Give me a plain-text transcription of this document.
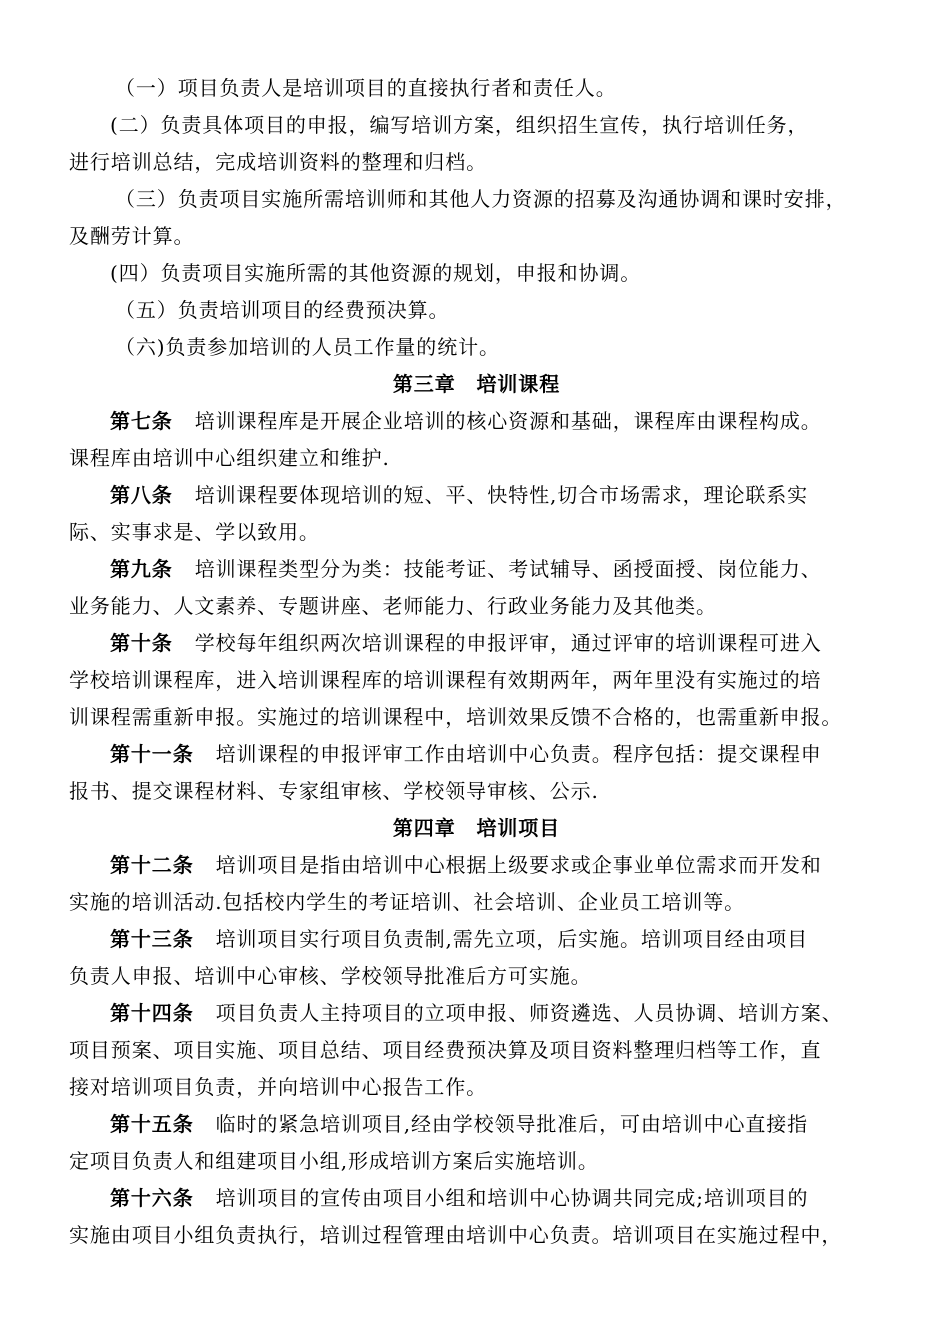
（一）项目负责人是培训项目的直接执行者和责任人。
(二）负责具体项目的申报，编写培训方案，组织招生宣传，执行培训任务，
进行培训总结，完成培训资料的整理和归档。
（三）负责项目实施所需培训师和其他人力资源的招募及沟通协调和课时安排，
及酬劳计算。
(四）负责项目实施所需的其他资源的规划，申报和协调。
（五）负责培训项目的经费预决算。
（六)负责参加培训的人员工作量的统计。
第三章　培训课程
第七条 培训课程库是开展企业培训的核心资源和基础，课程库由课程构成。
课程库由培训中心组织建立和维护.
第八条 培训课程要体现培训的短、平、快特性,切合市场需求，理论联系实
际、实事求是、学以致用。
第九条 培训课程类型分为类：技能考证、考试辅导、函授面授、岗位能力、
业务能力、人文素养、专题讲座、老师能力、行政业务能力及其他类。
第十条 学校每年组织两次培训课程的申报评审，通过评审的培训课程可进入
学校培训课程库，进入培训课程库的培训课程有效期两年，两年里没有实施过的培
训课程需重新申报。实施过的培训课程中，培训效果反馈不合格的，也需重新申报。
第十一条 培训课程的申报评审工作由培训中心负责。程序包括：提交课程申
报书、提交课程材料、专家组审核、学校领导审核、公示.
第四章　培训项目
第十二条 培训项目是指由培训中心根据上级要求或企事业单位需求而开发和
实施的培训活动.包括校内学生的考证培训、社会培训、企业员工培训等。
第十三条 培训项目实行项目负责制,需先立项，后实施。培训项目经由项目
负责人申报、培训中心审核、学校领导批准后方可实施。
第十四条 项目负责人主持项目的立项申报、师资遴选、人员协调、培训方案、
项目预案、项目实施、项目总结、项目经费预决算及项目资料整理归档等工作，直
接对培训项目负责，并向培训中心报告工作。
第十五条 临时的紧急培训项目,经由学校领导批准后，可由培训中心直接指
定项目负责人和组建项目小组,形成培训方案后实施培训。
第十六条 培训项目的宣传由项目小组和培训中心协调共同完成;培训项目的
实施由项目小组负责执行，培训过程管理由培训中心负责。培训项目在实施过程中，
